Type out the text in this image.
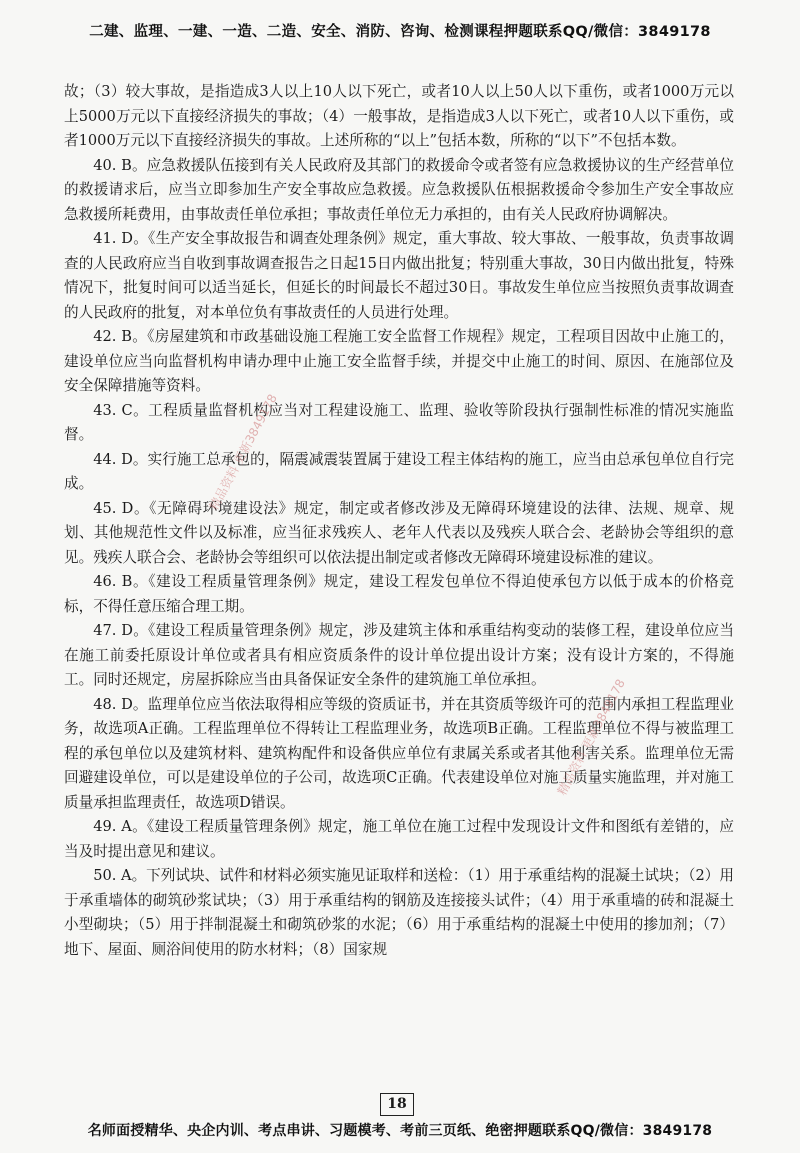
二建、监理、一建、一造、二造、安全、消防、咨询、检测课程押题联系QQ/微信：3849178

故；（3）较大事故，是指造成3人以上10人以下死亡，或者10人以上50人以下重伤，或者1000万元以上5000万元以下直接经济损失的事故；（4）一般事故，是指造成3人以下死亡，或者10人以下重伤，或者1000万元以下直接经济损失的事故。上述所称的“以上”包括本数，所称的“以下”不包括本数。

40. B。应急救援队伍接到有关人民政府及其部门的救援命令或者签有应急救援协议的生产经营单位的救援请求后，应当立即参加生产安全事故应急救援。应急救援队伍根据救援命令参加生产安全事故应急救援所耗费用，由事故责任单位承担；事故责任单位无力承担的，由有关人民政府协调解决。

41. D。《生产安全事故报告和调查处理条例》规定，重大事故、较大事故、一般事故，负责事故调查的人民政府应当自收到事故调查报告之日起15日内做出批复；特别重大事故，30日内做出批复，特殊情况下，批复时间可以适当延长，但延长的时间最长不超过30日。事故发生单位应当按照负责事故调查的人民政府的批复，对本单位负有事故责任的人员进行处理。

42. B。《房屋建筑和市政基础设施工程施工安全监督工作规程》规定，工程项目因故中止施工的，建设单位应当向监督机构申请办理中止施工安全监督手续，并提交中止施工的时间、原因、在施部位及安全保障措施等资料。

43. C。工程质量监督机构应当对工程建设施工、监理、验收等阶段执行强制性标准的情况实施监督。

44. D。实行施工总承包的，隔震减震装置属于建设工程主体结构的施工，应当由总承包单位自行完成。

45. D。《无障碍环境建设法》规定，制定或者修改涉及无障碍环境建设的法律、法规、规章、规划、其他规范性文件以及标准，应当征求残疾人、老年人代表以及残疾人联合会、老龄协会等组织的意见。残疾人联合会、老龄协会等组织可以依法提出制定或者修改无障碍环境建设标准的建议。

46. B。《建设工程质量管理条例》规定，建设工程发包单位不得迫使承包方以低于成本的价格竞标，不得任意压缩合理工期。

47. D。《建设工程质量管理条例》规定，涉及建筑主体和承重结构变动的装修工程，建设单位应当在施工前委托原设计单位或者具有相应资质条件的设计单位提出设计方案；没有设计方案的，不得施工。同时还规定，房屋拆除应当由具备保证安全条件的建筑施工单位承担。

48. D。监理单位应当依法取得相应等级的资质证书，并在其资质等级许可的范围内承担工程监理业务，故选项A正确。工程监理单位不得转让工程监理业务，故选项B正确。工程监理单位不得与被监理工程的承包单位以及建筑材料、建筑构配件和设备供应单位有隶属关系或者其他利害关系。监理单位无需回避建设单位，可以是建设单位的子公司，故选项C正确。代表建设单位对施工质量实施监理，并对施工质量承担监理责任，故选项D错误。

49. A。《建设工程质量管理条例》规定，施工单位在施工过程中发现设计文件和图纸有差错的，应当及时提出意见和建议。

50. A。下列试块、试件和材料必须实施见证取样和送检：（1）用于承重结构的混凝土试块；（2）用于承重墙体的砌筑砂浆试块；（3）用于承重结构的钢筋及连接接头试件；（4）用于承重墙的砖和混凝土小型砌块；（5）用于拌制混凝土和砌筑砂浆的水泥；（6）用于承重结构的混凝土中使用的掺加剂；（7）地下、屋面、厕浴间使用的防水材料；（8）国家规

精品资料 更新3849178
精品资料 更新3849178
18
名师面授精华、央企内训、考点串讲、习题模考、考前三页纸、绝密押题联系QQ/微信：3849178
